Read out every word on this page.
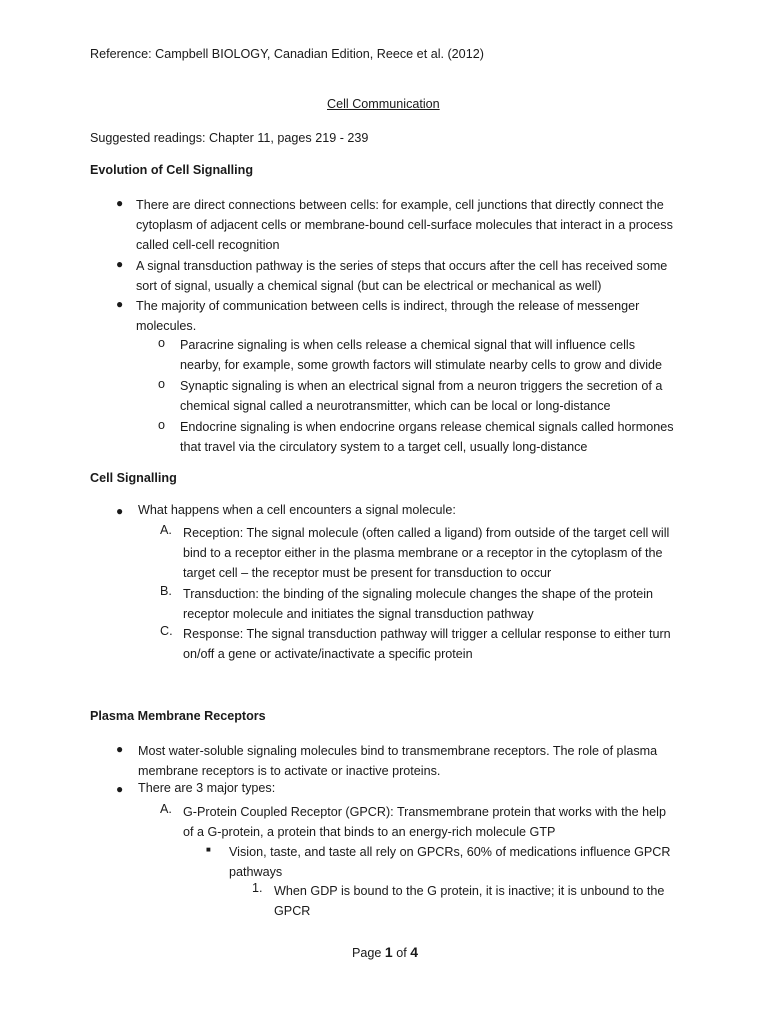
Reference: Campbell BIOLOGY, Canadian Edition, Reece et al. (2012)
Cell Communication
Suggested readings: Chapter 11, pages 219 - 239
Evolution of Cell Signalling
● There are direct connections between cells: for example, cell junctions that directly connect the
cytoplasm of adjacent cells or membrane-bound cell-surface molecules that interact in a process
called cell-cell recognition
● A signal transduction pathway is the series of steps that occurs after the cell has received some
sort of signal, usually a chemical signal (but can be electrical or mechanical as well)
● The majority of communication between cells is indirect, through the release of messenger
molecules.
o Paracrine signaling is when cells release a chemical signal that will influence cells
nearby, for example, some growth factors will stimulate nearby cells to grow and divide
o Synaptic signaling is when an electrical signal from a neuron triggers the secretion of a
chemical signal called a neurotransmitter, which can be local or long-distance
o Endocrine signaling is when endocrine organs release chemical signals called hormones
that travel via the circulatory system to a target cell, usually long-distance
Cell Signalling
● What happens when a cell encounters a signal molecule:
A. Reception: The signal molecule (often called a ligand) from outside of the target cell will
bind to a receptor either in the plasma membrane or a receptor in the cytoplasm of the
target cell – the receptor must be present for transduction to occur
B. Transduction: the binding of the signaling molecule changes the shape of the protein
receptor molecule and initiates the signal transduction pathway
C. Response: The signal transduction pathway will trigger a cellular response to either turn
on/off a gene or activate/inactivate a specific protein
Plasma Membrane Receptors
● Most water-soluble signaling molecules bind to transmembrane receptors. The role of plasma
membrane receptors is to activate or inactive proteins.
● There are 3 major types:
A. G-Protein Coupled Receptor (GPCR): Transmembrane protein that works with the help
of a G-protein, a protein that binds to an energy-rich molecule GTP
■ Vision, taste, and taste all rely on GPCRs, 60% of medications influence GPCR
pathways
1. When GDP is bound to the G protein, it is inactive; it is unbound to the
GPCR
Page 1 of 4
